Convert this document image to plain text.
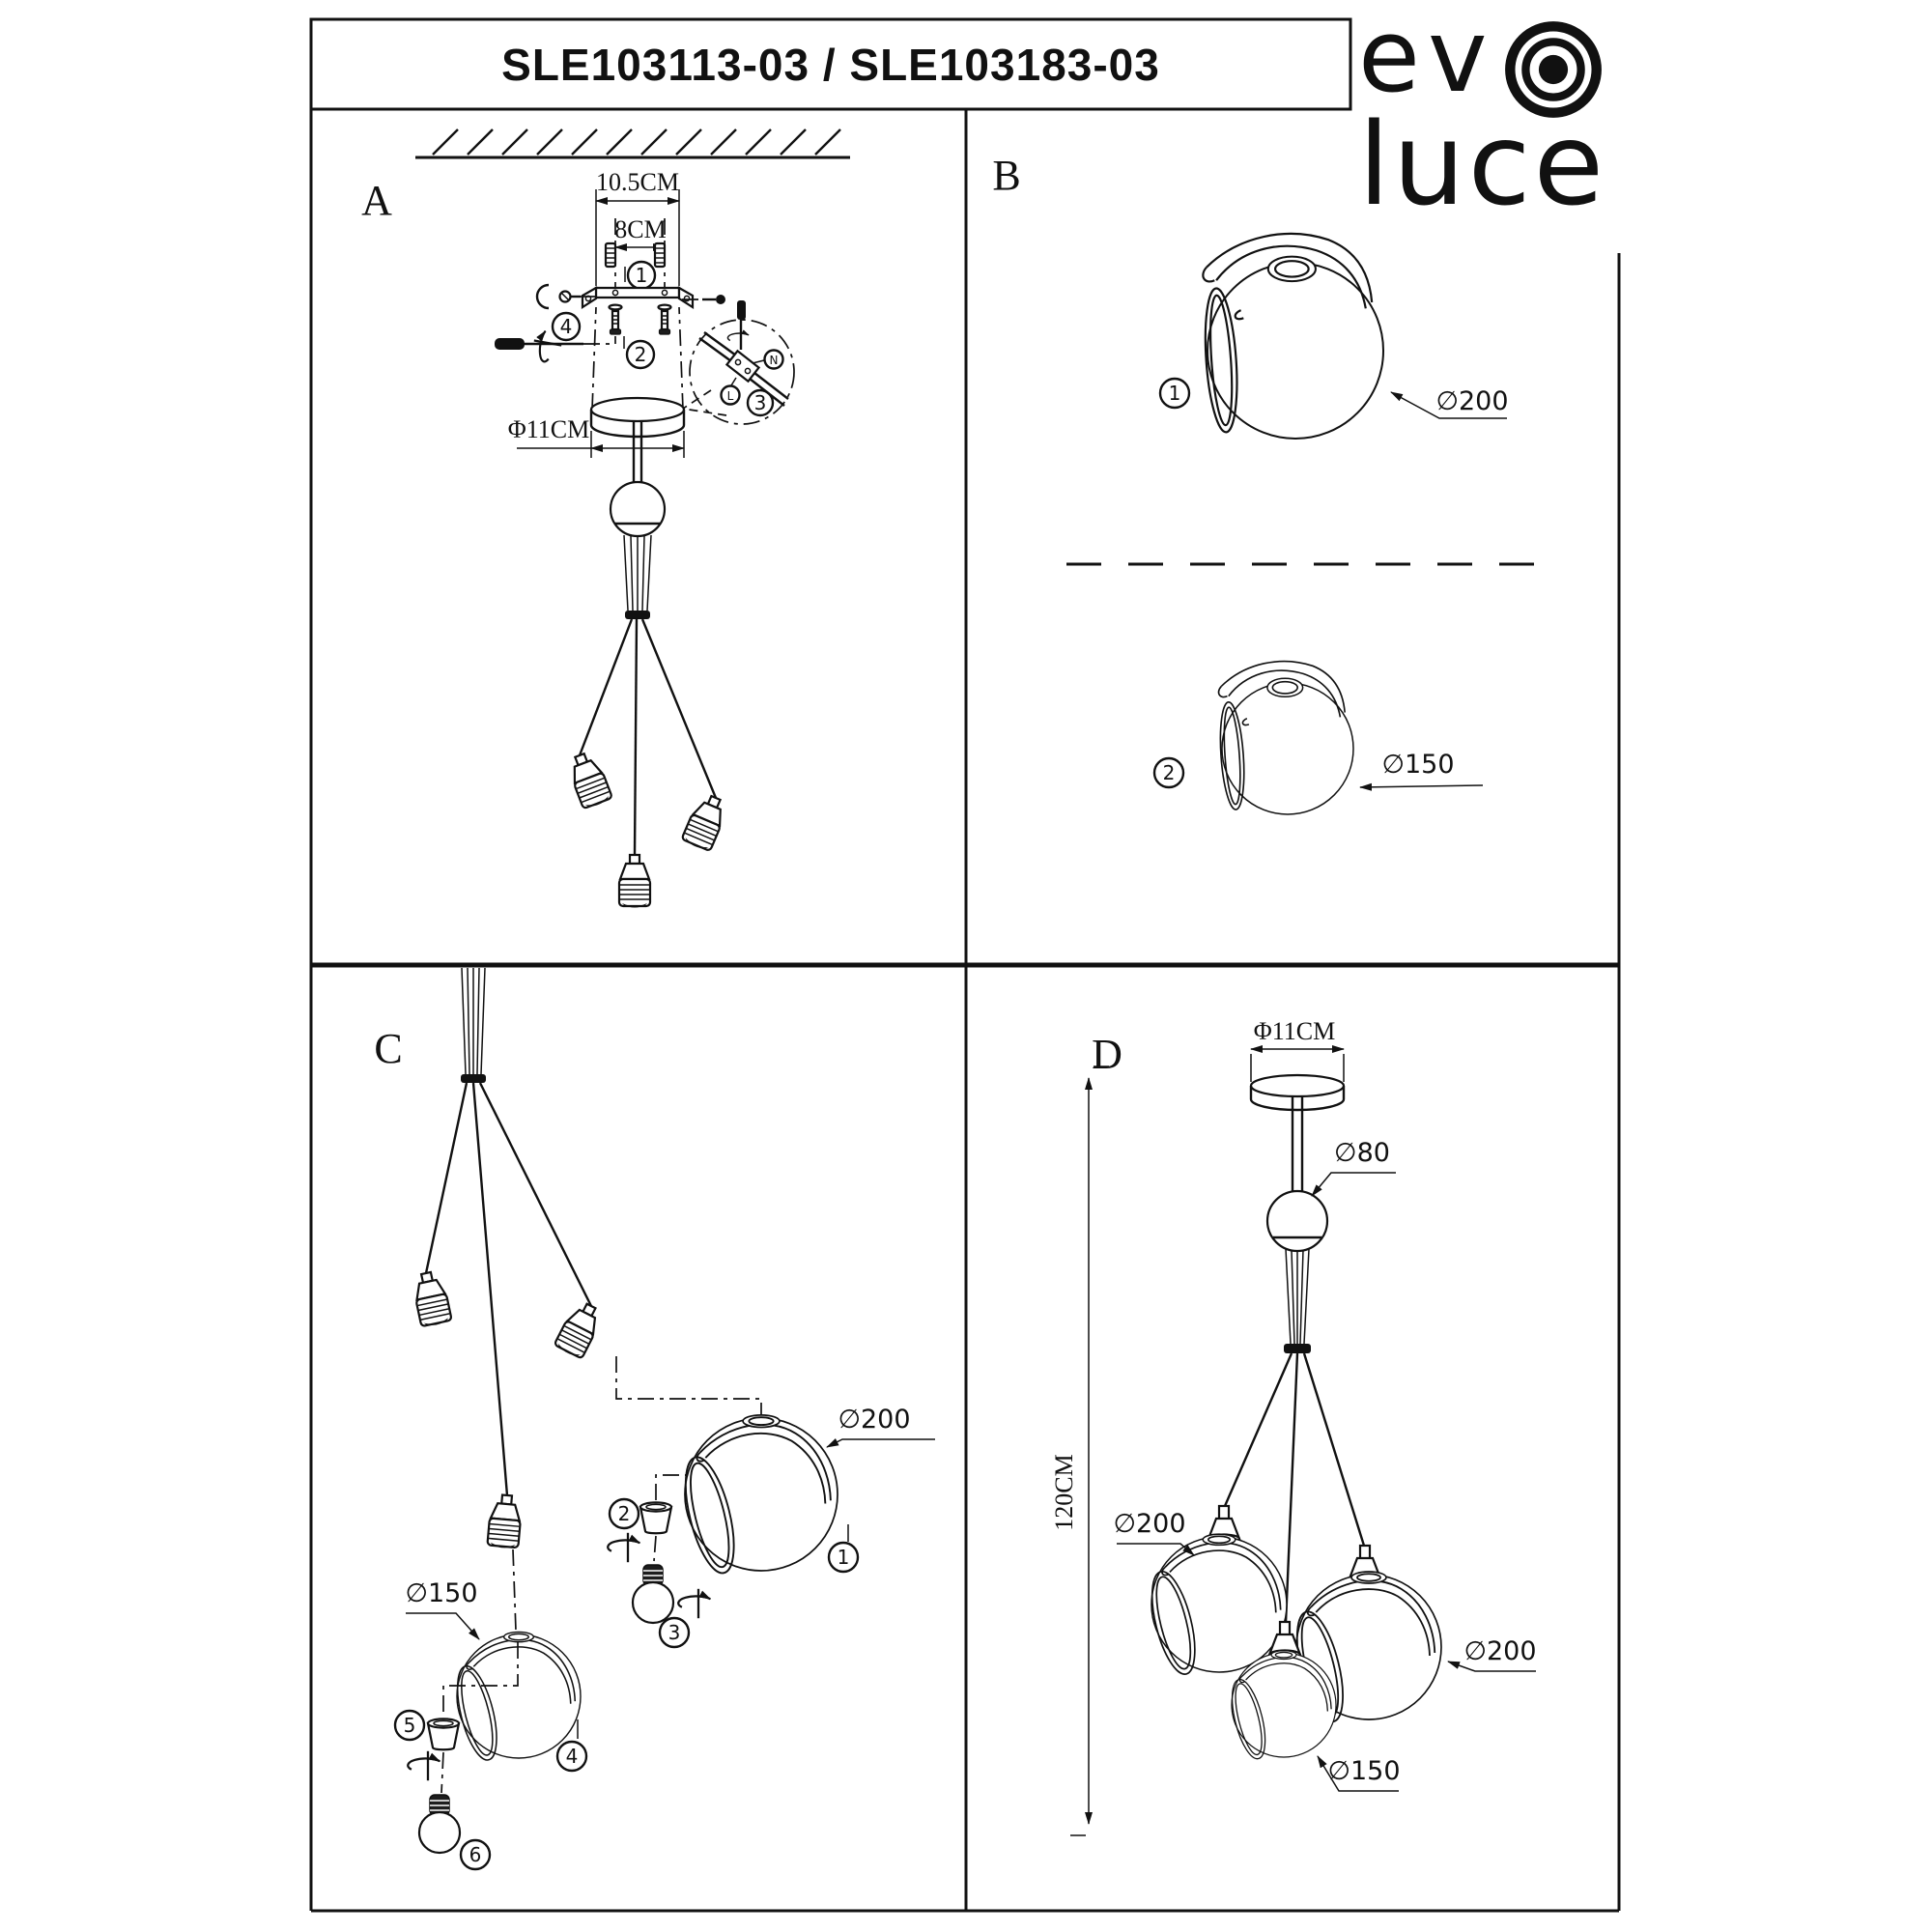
A	10.5CM
8CM
1
2
4
Φ11CM
N
L 3
B
1	∅200
2	∅150
C
∅200
1
2
3
∅150
4
5
6
D
120CM
Φ11CM
∅80
∅200
∅200
∅150
SLE103113-03 / SLE103183-03	ev
luce
